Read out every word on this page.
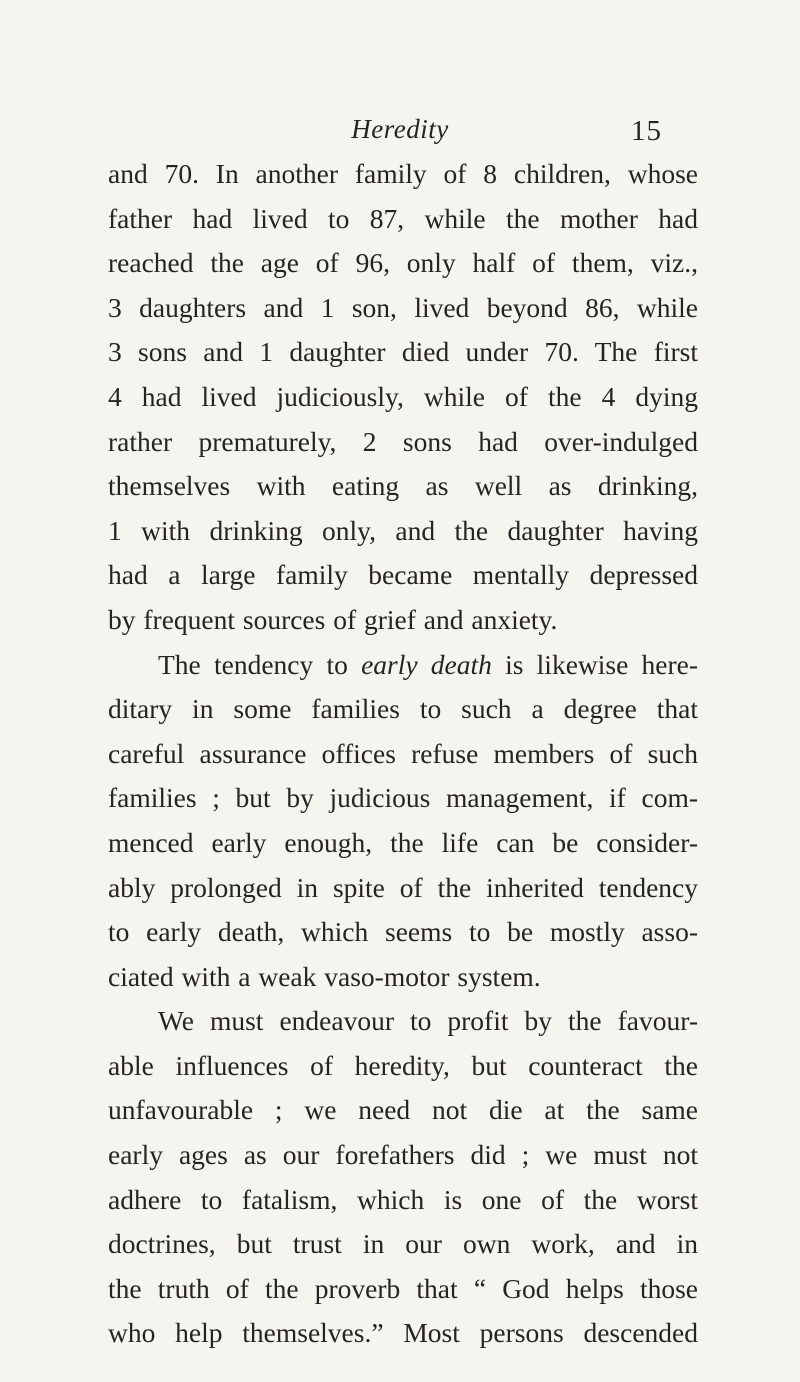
Heredity	15
and 70. In another family of 8 children, whose
father had lived to 87, while the mother had
reached the age of 96, only half of them, viz.,
3 daughters and 1 son, lived beyond 86, while
3 sons and 1 daughter died under 70. The first
4 had lived judiciously, while of the 4 dying
rather prematurely, 2 sons had over-indulged
themselves with eating as well as drinking,
1 with drinking only, and the daughter having
had a large family became mentally depressed
by frequent sources of grief and anxiety.
The tendency to early death is likewise here-
ditary in some families to such a degree that
careful assurance offices refuse members of such
families ; but by judicious management, if com-
menced early enough, the life can be consider-
ably prolonged in spite of the inherited tendency
to early death, which seems to be mostly asso-
ciated with a weak vaso-motor system.
We must endeavour to profit by the favour-
able influences of heredity, but counteract the
unfavourable ; we need not die at the same
early ages as our forefathers did ; we must not
adhere to fatalism, which is one of the worst
doctrines, but trust in our own work, and in
the truth of the proverb that “ God helps those
who help themselves.” Most persons descended
